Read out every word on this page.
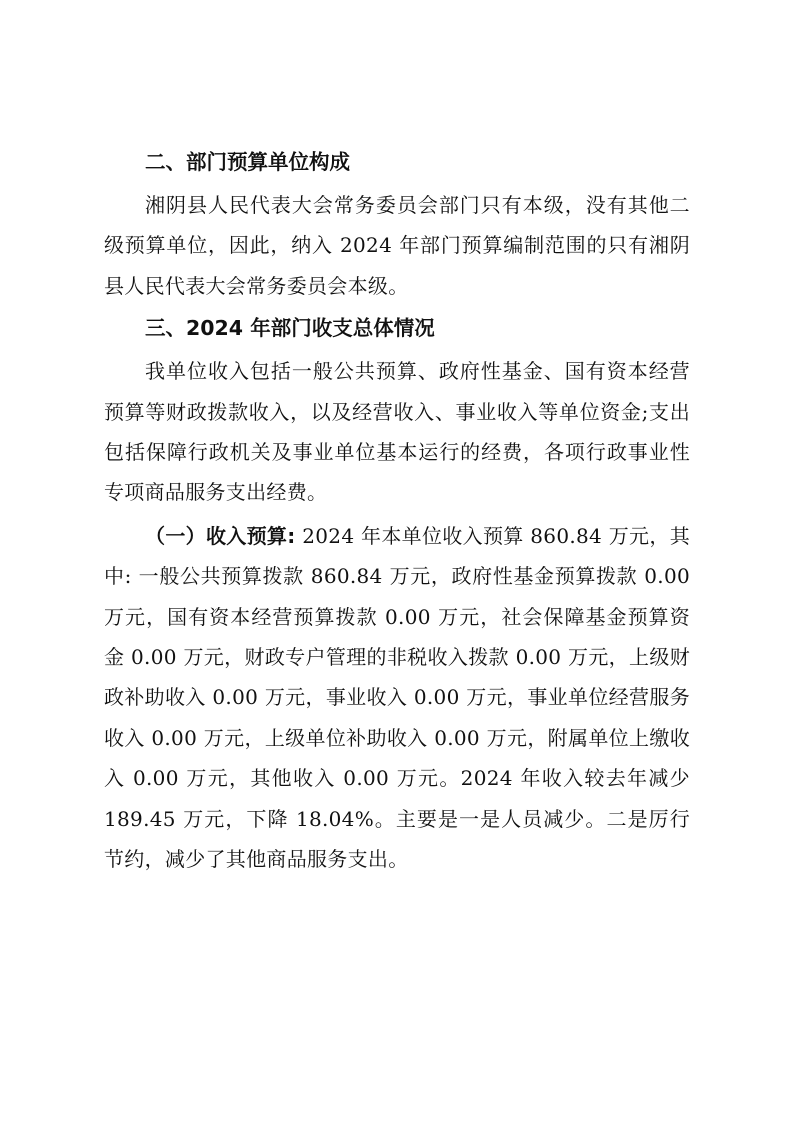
二、部门预算单位构成

湘阴县人民代表大会常务委员会部门只有本级，没有其他二级预算单位，因此，纳入 2024 年部门预算编制范围的只有湘阴县人民代表大会常务委员会本级。

三、2024 年部门收支总体情况

我单位收入包括一般公共预算、政府性基金、国有资本经营预算等财政拨款收入，以及经营收入、事业收入等单位资金;支出包括保障行政机关及事业单位基本运行的经费，各项行政事业性专项商品服务支出经费。

（一）收入预算: 2024 年本单位收入预算 860.84 万元，其中: 一般公共预算拨款 860.84 万元，政府性基金预算拨款 0.00 万元，国有资本经营预算拨款 0.00 万元，社会保障基金预算资金 0.00 万元，财政专户管理的非税收入拨款 0.00 万元，上级财政补助收入 0.00 万元，事业收入 0.00 万元，事业单位经营服务收入 0.00 万元，上级单位补助收入 0.00 万元，附属单位上缴收入 0.00 万元，其他收入 0.00 万元。2024 年收入较去年减少 189.45 万元，下降 18.04%。主要是一是人员减少。二是厉行节约，减少了其他商品服务支出。
